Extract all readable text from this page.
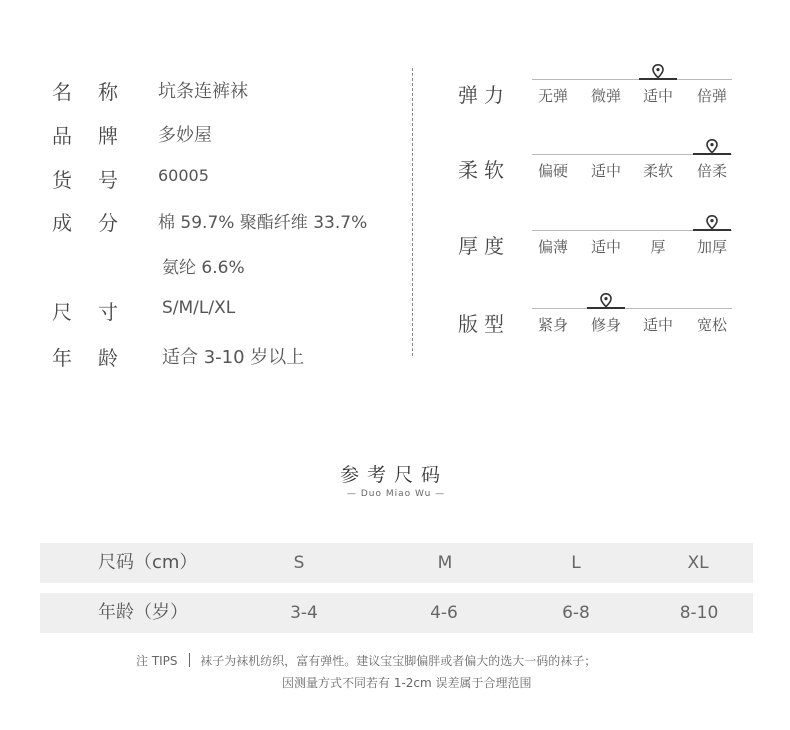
名称 坑条连裤袜
品牌 多妙屋
货号 60005
成分 棉 59.7% 聚酯纤维 33.7%
氨纶 6.6%
尺寸 S/M/L/XL
年龄 适合 3-10 岁以上
弹力 无弹 微弹 适中 倍弹
柔软 偏硬 适中 柔软 倍柔
厚度 偏薄 适中 厚 加厚
版型 紧身 修身 适中 宽松
参考尺码
— Duo Miao Wu —
尺码（cm）	S	M	L	XL
年龄（岁）	3-4	4-6	6-8	8-10
注 TIPS 袜子为袜机纺织，富有弹性。建议宝宝脚偏胖或者偏大的选大一码的袜子；
因测量方式不同若有 1-2cm 误差属于合理范围
